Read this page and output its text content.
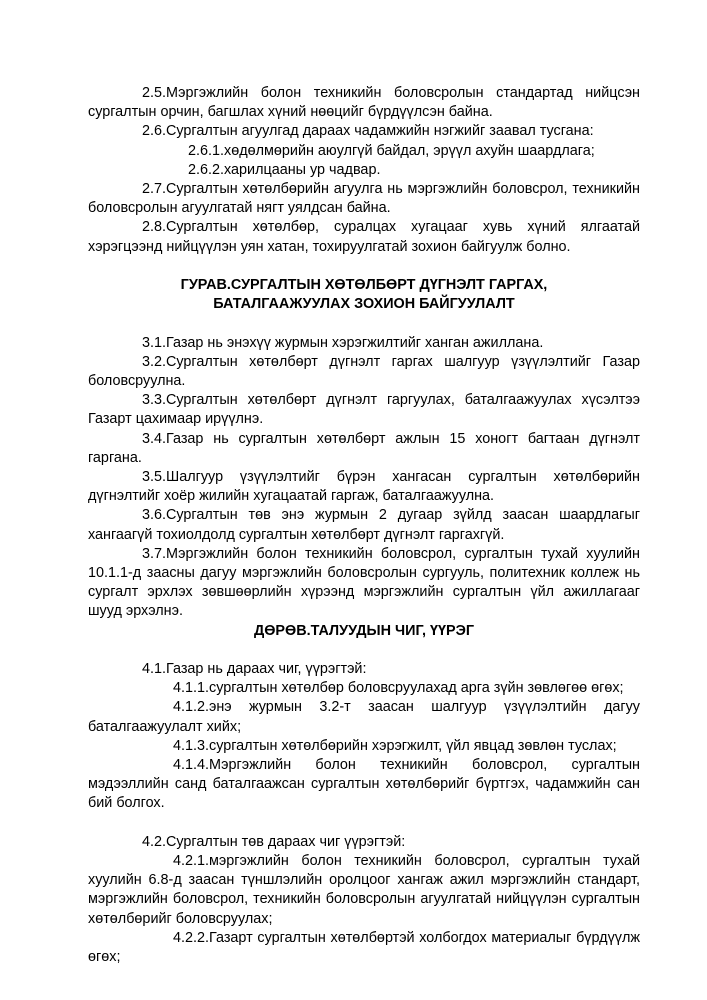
2.5.Мэргэжлийн болон техникийн боловсролын стандартад нийцсэн сургалтын орчин, багшлах хүний нөөцийг бүрдүүлсэн байна.

2.6.Сургалтын агуулгад дараах чадамжийн нэгжийг заавал тусгана:

2.6.1.хөдөлмөрийн аюулгүй байдал, эрүүл ахуйн шаардлага;

2.6.2.харилцааны ур чадвар.

2.7.Сургалтын хөтөлбөрийн агуулга нь мэргэжлийн боловсрол, техникийн боловсролын агуулгатай нягт уялдсан байна.

2.8.Сургалтын хөтөлбөр, суралцах хугацааг хувь хүний ялгаатай хэрэгцээнд нийцүүлэн уян хатан, тохируулгатай зохион байгуулж болно.

ГУРАВ.СУРГАЛТЫН ХӨТӨЛБӨРТ ДҮГНЭЛТ ГАРГАХ,

БАТАЛГААЖУУЛАХ ЗОХИОН БАЙГУУЛАЛТ

3.1.Газар нь энэхүү журмын хэрэгжилтийг ханган ажиллана.

3.2.Сургалтын хөтөлбөрт дүгнэлт гаргах шалгуур үзүүлэлтийг Газар боловсруулна.

3.3.Сургалтын хөтөлбөрт дүгнэлт гаргуулах, баталгаажуулах хүсэлтээ Газарт цахимаар ирүүлнэ.

3.4.Газар нь сургалтын хөтөлбөрт ажлын 15 хоногт багтаан дүгнэлт гаргана.

3.5.Шалгуур үзүүлэлтийг бүрэн хангасан сургалтын хөтөлбөрийн дүгнэлтийг хоёр жилийн хугацаатай гаргаж, баталгаажуулна.

3.6.Сургалтын төв энэ журмын 2 дугаар зүйлд заасан шаардлагыг хангаагүй тохиолдолд сургалтын хөтөлбөрт дүгнэлт гаргахгүй.

3.7.Мэргэжлийн болон техникийн боловсрол, сургалтын тухай хуулийн 10.1.1-д заасны дагуу мэргэжлийн боловсролын сургууль, политехник коллеж нь сургалт эрхлэх зөвшөөрлийн хүрээнд мэргэжлийн сургалтын үйл ажиллагааг шууд эрхэлнэ.

ДӨРӨВ.ТАЛУУДЫН ЧИГ, ҮҮРЭГ

4.1.Газар нь дараах чиг, үүрэгтэй:

4.1.1.сургалтын хөтөлбөр боловсруулахад арга зүйн зөвлөгөө өгөх;

4.1.2.энэ журмын 3.2-т заасан шалгуур үзүүлэлтийн дагуу баталгаажуулалт хийх;

4.1.3.сургалтын хөтөлбөрийн хэрэгжилт, үйл явцад зөвлөн туслах;

4.1.4.Мэргэжлийн болон техникийн боловсрол, сургалтын мэдээллийн санд баталгаажсан сургалтын хөтөлбөрийг бүртгэх, чадамжийн сан бий болгох.

4.2.Сургалтын төв дараах чиг үүрэгтэй:

4.2.1.мэргэжлийн болон техникийн боловсрол, сургалтын тухай хуулийн 6.8-д заасан түншлэлийн оролцоог хангаж ажил мэргэжлийн стандарт, мэргэжлийн боловсрол, техникийн боловсролын агуулгатай нийцүүлэн сургалтын хөтөлбөрийг боловсруулах;

4.2.2.Газарт сургалтын хөтөлбөртэй холбогдох материалыг бүрдүүлж өгөх;
